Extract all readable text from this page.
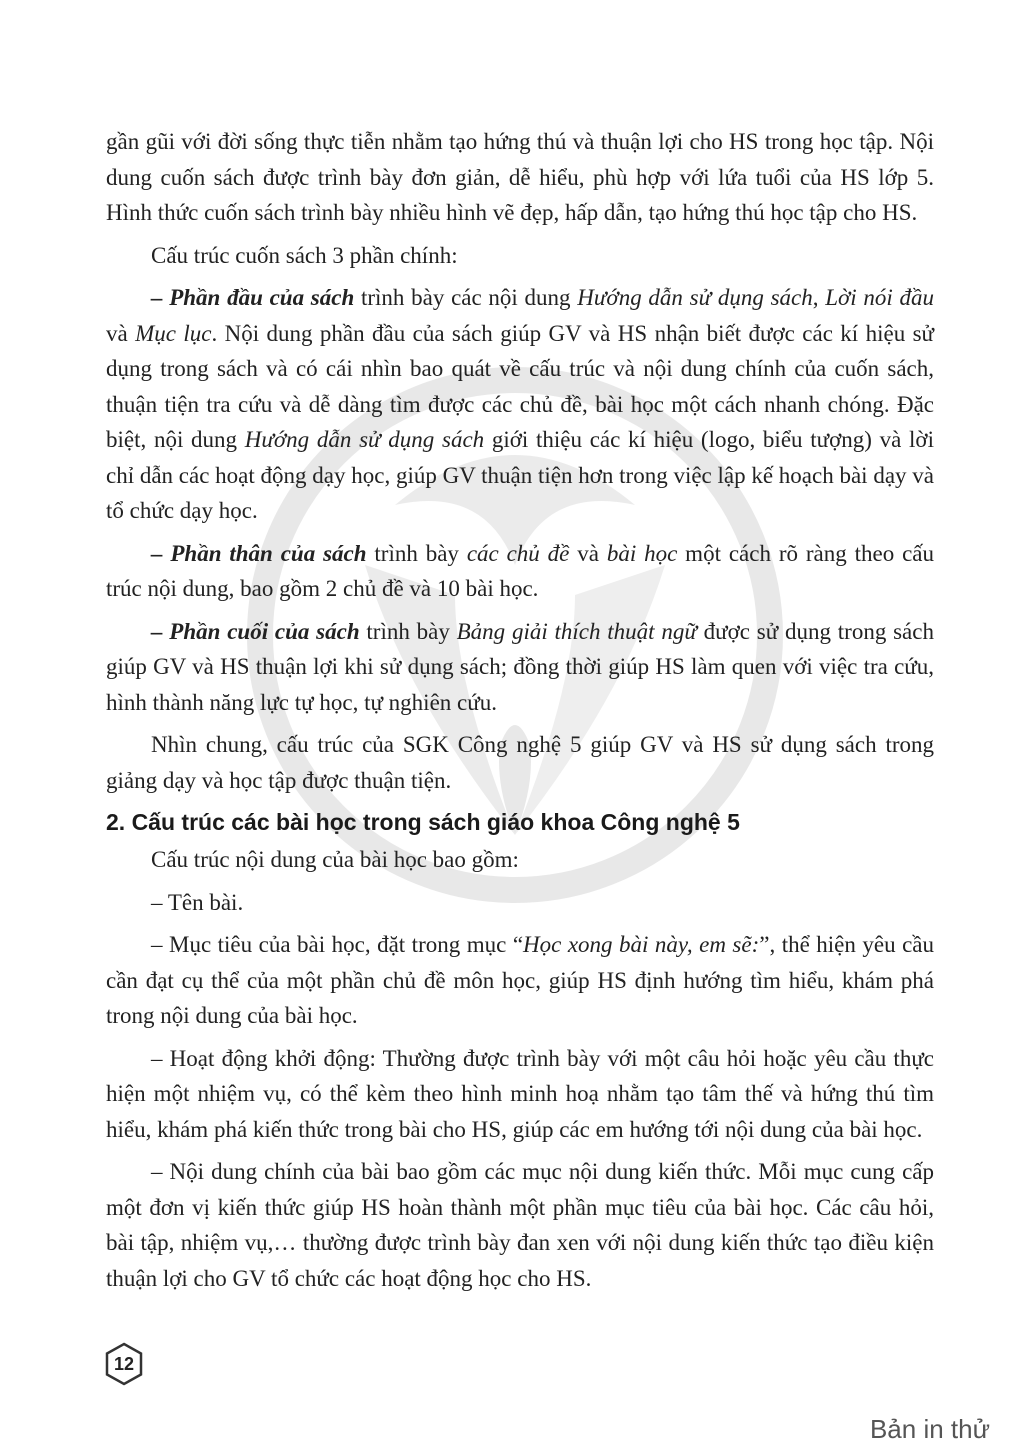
gần gũi với đời sống thực tiễn nhằm tạo hứng thú và thuận lợi cho HS trong học tập. Nội dung cuốn sách được trình bày đơn giản, dễ hiểu, phù hợp với lứa tuổi của HS lớp 5. Hình thức cuốn sách trình bày nhiều hình vẽ đẹp, hấp dẫn, tạo hứng thú học tập cho HS.

Cấu trúc cuốn sách 3 phần chính:

– Phần đầu của sách trình bày các nội dung Hướng dẫn sử dụng sách, Lời nói đầu và Mục lục. Nội dung phần đầu của sách giúp GV và HS nhận biết được các kí hiệu sử dụng trong sách và có cái nhìn bao quát về cấu trúc và nội dung chính của cuốn sách, thuận tiện tra cứu và dễ dàng tìm được các chủ đề, bài học một cách nhanh chóng. Đặc biệt, nội dung Hướng dẫn sử dụng sách giới thiệu các kí hiệu (logo, biểu tượng) và lời chỉ dẫn các hoạt động dạy học, giúp GV thuận tiện hơn trong việc lập kế hoạch bài dạy và tổ chức dạy học.

– Phần thân của sách trình bày các chủ đề và bài học một cách rõ ràng theo cấu trúc nội dung, bao gồm 2 chủ đề và 10 bài học.

– Phần cuối của sách trình bày Bảng giải thích thuật ngữ được sử dụng trong sách giúp GV và HS thuận lợi khi sử dụng sách; đồng thời giúp HS làm quen với việc tra cứu, hình thành năng lực tự học, tự nghiên cứu.

Nhìn chung, cấu trúc của SGK Công nghệ 5 giúp GV và HS sử dụng sách trong giảng dạy và học tập được thuận tiện.

2. Cấu trúc các bài học trong sách giáo khoa Công nghệ 5

Cấu trúc nội dung của bài học bao gồm:

– Tên bài.

– Mục tiêu của bài học, đặt trong mục “Học xong bài này, em sẽ:”, thể hiện yêu cầu cần đạt cụ thể của một phần chủ đề môn học, giúp HS định hướng tìm hiểu, khám phá trong nội dung của bài học.

– Hoạt động khởi động: Thường được trình bày với một câu hỏi hoặc yêu cầu thực hiện một nhiệm vụ, có thể kèm theo hình minh hoạ nhằm tạo tâm thế và hứng thú tìm hiểu, khám phá kiến thức trong bài cho HS, giúp các em hướng tới nội dung của bài học.

– Nội dung chính của bài bao gồm các mục nội dung kiến thức. Mỗi mục cung cấp một đơn vị kiến thức giúp HS hoàn thành một phần mục tiêu của bài học. Các câu hỏi, bài tập, nhiệm vụ,… thường được trình bày đan xen với nội dung kiến thức tạo điều kiện thuận lợi cho GV tổ chức các hoạt động học cho HS.

12
Bản in thử
